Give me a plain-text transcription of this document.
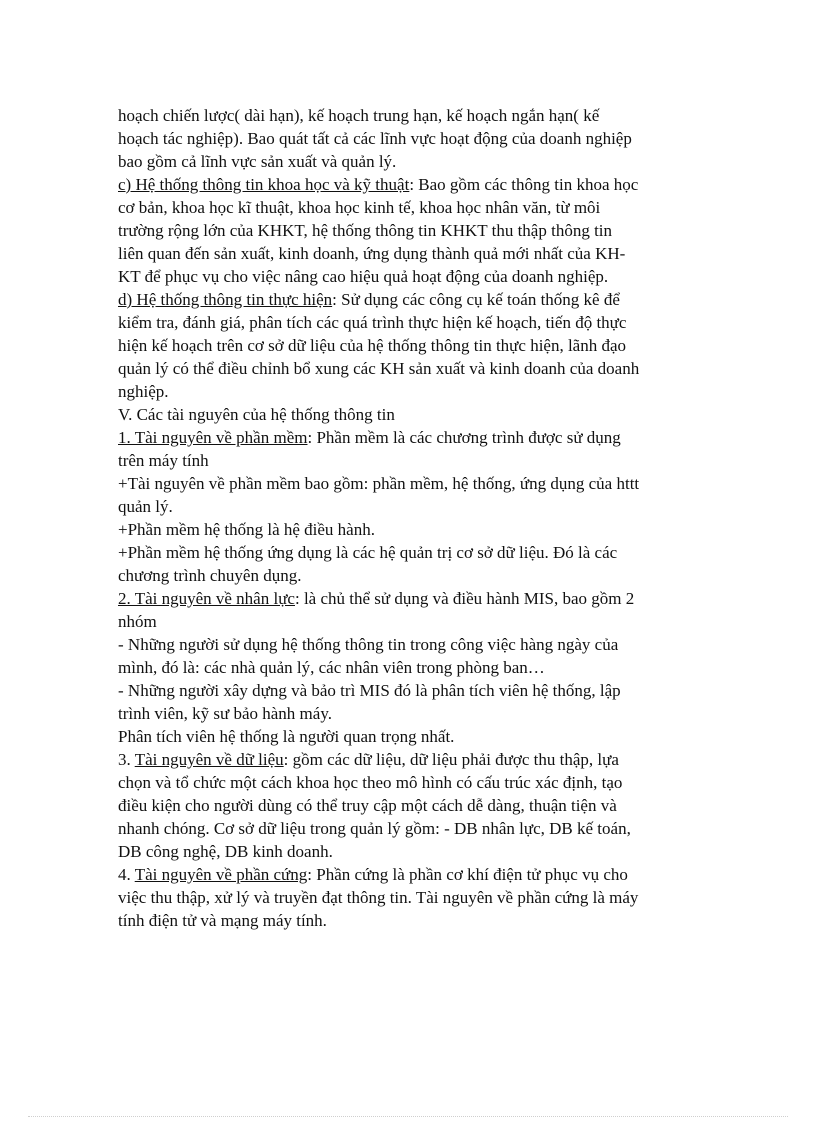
hoạch chiến lược( dài hạn), kế hoạch trung hạn, kế hoạch ngắn hạn( kế
hoạch tác nghiệp). Bao quát tất cả các lĩnh vực hoạt động của doanh nghiệp
bao gồm cả lĩnh vực sản xuất và quản lý.

c) Hệ thống thông tin khoa học và kỹ thuật: Bao gồm các thông tin khoa học
cơ bản, khoa học kĩ thuật, khoa học kinh tế, khoa học nhân văn, từ môi
trường rộng lớn của KHKT, hệ thống thông tin KHKT thu thập thông tin
liên quan đến sản xuất, kinh doanh, ứng dụng thành quả mới nhất của KH-
KT để phục vụ cho việc nâng cao hiệu quả hoạt động của doanh nghiệp.

d) Hệ thống thông tin thực hiện: Sử dụng các công cụ kế toán thống kê để
kiểm tra, đánh giá, phân tích các quá trình thực hiện kế hoạch, tiến độ thực
hiện kế hoạch trên cơ sở dữ liệu của hệ thống thông tin thực hiện, lãnh đạo
quản lý có thể điều chỉnh bổ xung các KH sản xuất và kinh doanh của doanh
nghiệp.

V. Các tài nguyên của hệ thống thông tin

1. Tài nguyên về phần mềm: Phần mềm là các chương trình được sử dụng
trên máy tính

+Tài nguyên về phần mềm bao gồm: phần mềm, hệ thống, ứng dụng của httt
quản lý.

+Phần mềm hệ thống là hệ điều hành.

+Phần mềm hệ thống ứng dụng là các hệ quản trị cơ sở dữ liệu. Đó là các
chương trình chuyên dụng.

2. Tài nguyên về nhân lực: là chủ thể sử dụng và điều hành MIS, bao gồm 2
nhóm

- Những người sử dụng hệ thống thông tin trong công việc hàng ngày của
mình, đó là: các nhà quản lý, các nhân viên trong phòng ban…

- Những người xây dựng và bảo trì MIS đó là phân tích viên hệ thống, lập
trình viên, kỹ sư bảo hành máy.

Phân tích viên hệ thống là người quan trọng nhất.

3. Tài nguyên về dữ liệu: gồm các dữ liệu, dữ liệu phải được thu thập, lựa
chọn và tổ chức một cách khoa học theo mô hình có cấu trúc xác định, tạo
điều kiện cho người dùng có thể truy cập một cách dễ dàng, thuận tiện và
nhanh chóng. Cơ sở dữ liệu trong quản lý gồm: - DB nhân lực, DB kế toán,
DB công nghệ, DB kinh doanh.

4. Tài nguyên về phần cứng: Phần cứng là phần cơ khí điện tử phục vụ cho
việc thu thập, xử lý và truyền đạt thông tin. Tài nguyên về phần cứng là máy
tính điện tử và mạng máy tính.
